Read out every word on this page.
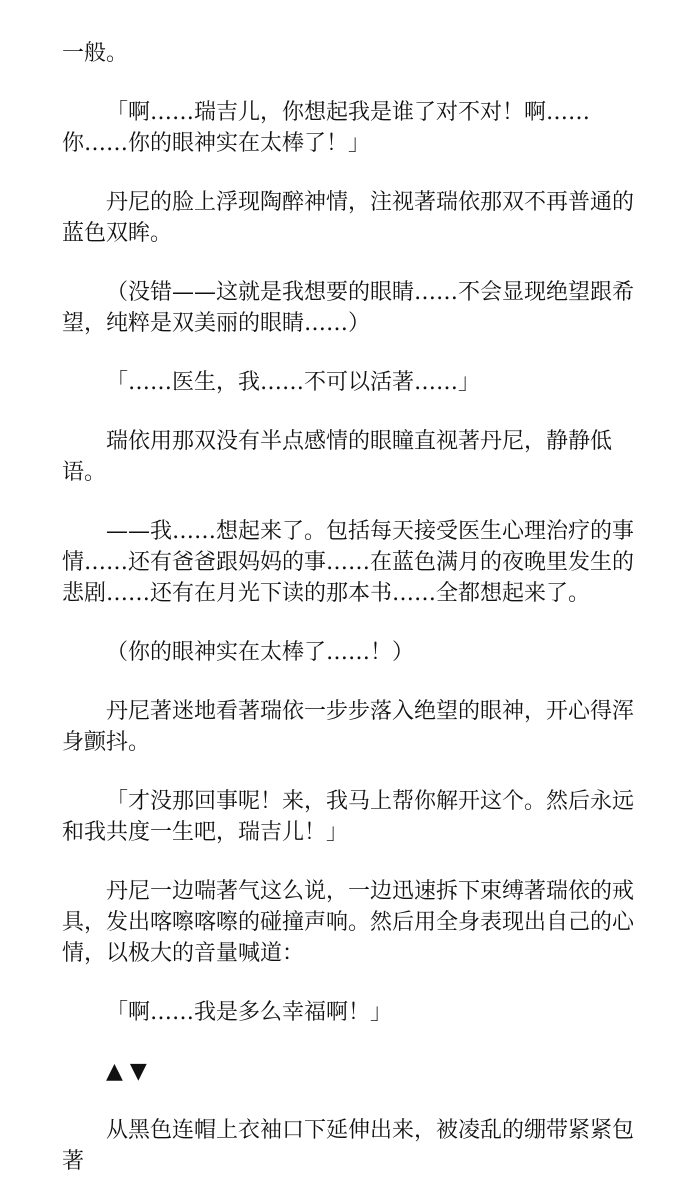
一般。

「啊……瑞吉儿，你想起我是谁了对不对！啊……你……你的眼神实在太棒了！」

丹尼的脸上浮现陶醉神情，注视著瑞依那双不再普通的蓝色双眸。

（没错——这就是我想要的眼睛……不会显现绝望跟希望，纯粹是双美丽的眼睛……）

「……医生，我……不可以活著……」

瑞依用那双没有半点感情的眼瞳直视著丹尼，静静低语。

——我……想起来了。包括每天接受医生心理治疗的事情……还有爸爸跟妈妈的事……在蓝色满月的夜晚里发生的悲剧……还有在月光下读的那本书……全都想起来了。

（你的眼神实在太棒了……！）

丹尼著迷地看著瑞依一步步落入绝望的眼神，开心得浑身颤抖。

「才没那回事呢！来，我马上帮你解开这个。然后永远和我共度一生吧，瑞吉儿！」

丹尼一边喘著气这么说，一边迅速拆下束缚著瑞依的戒具，发出喀嚓喀嚓的碰撞声响。然后用全身表现出自己的心情，以极大的音量喊道：

「啊……我是多么幸福啊！」

▲ ▼

从黑色连帽上衣袖口下延伸出来，被凌乱的绷带紧紧包著
